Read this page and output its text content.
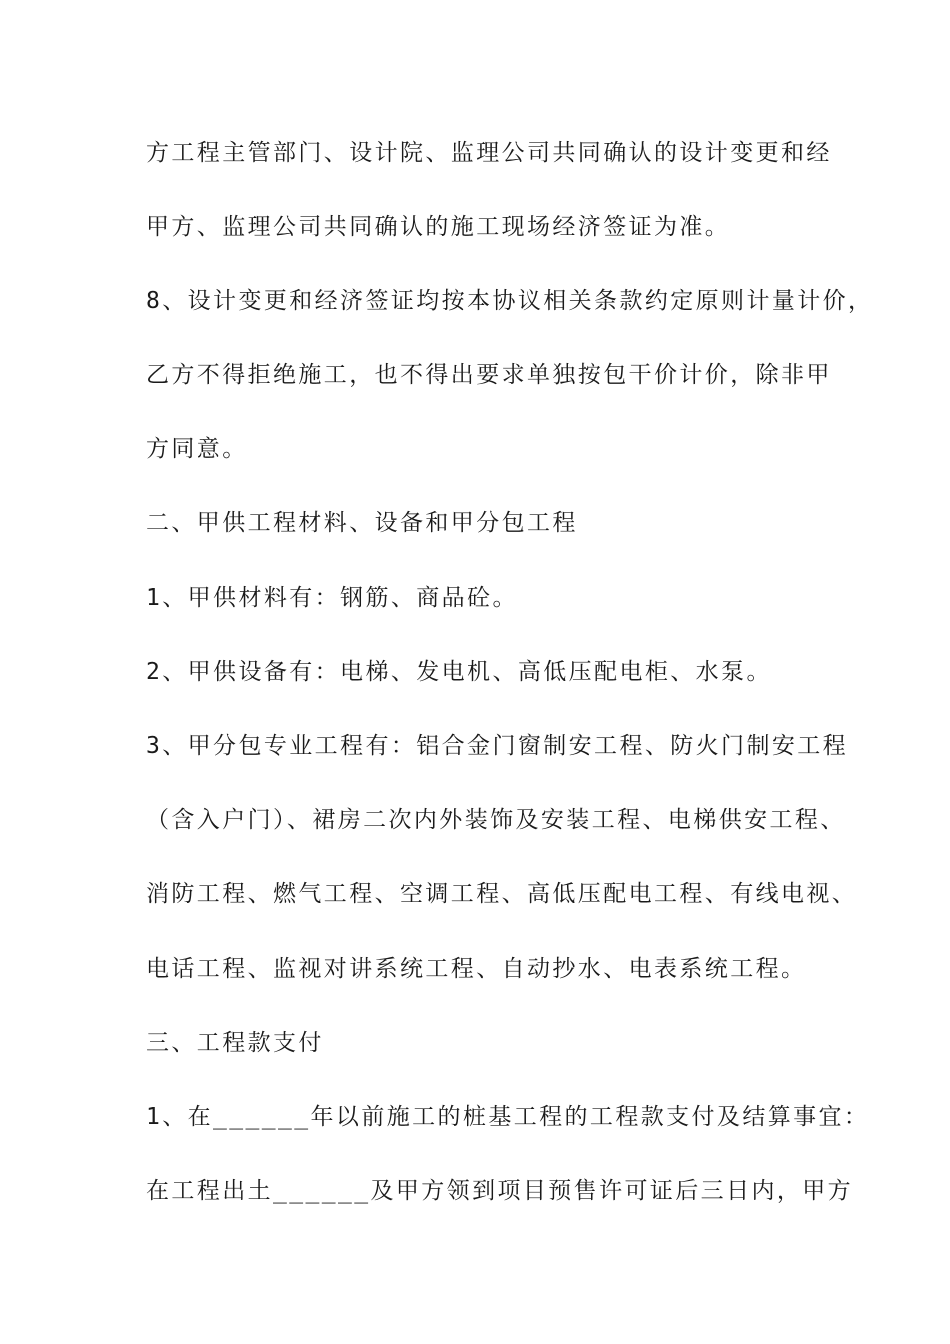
方工程主管部门、设计院、监理公司共同确认的设计变更和经
甲方、监理公司共同确认的施工现场经济签证为准。
8、设计变更和经济签证均按本协议相关条款约定原则计量计价，
乙方不得拒绝施工，也不得出要求单独按包干价计价，除非甲
方同意。
二、甲供工程材料、设备和甲分包工程
1、甲供材料有：钢筋、商品砼。
2、甲供设备有：电梯、发电机、高低压配电柜、水泵。
3、甲分包专业工程有：铝合金门窗制安工程、防火门制安工程
（含入户门）、裙房二次内外装饰及安装工程、电梯供安工程、
消防工程、燃气工程、空调工程、高低压配电工程、有线电视、
电话工程、监视对讲系统工程、自动抄水、电表系统工程。
三、工程款支付
1、在______年以前施工的桩基工程的工程款支付及结算事宜：
在工程出土______及甲方领到项目预售许可证后三日内，甲方
